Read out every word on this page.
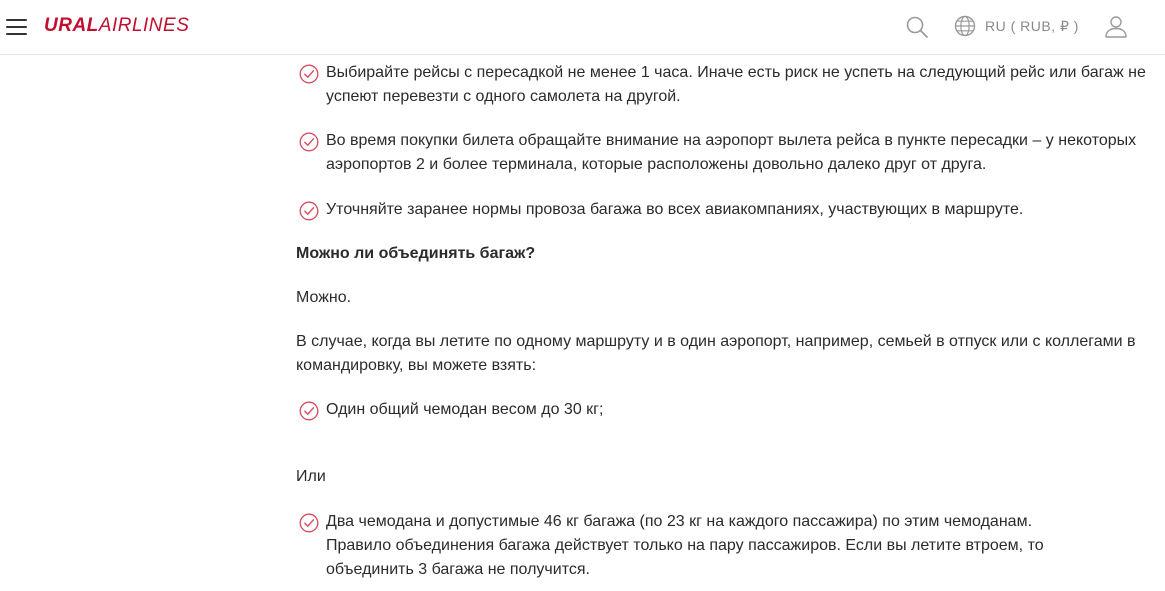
URALAIRLINES	RU ( RUB, ₽ )
Выбирайте рейсы с пересадкой не менее 1 часа. Иначе есть риск не успеть на следующий рейс или багаж не успеют перевезти с одного самолета на другой.
Во время покупки билета обращайте внимание на аэропорт вылета рейса в пункте пересадки – у некоторых аэропортов 2 и более терминала, которые расположены довольно далеко друг от друга.
Уточняйте заранее нормы провоза багажа во всех авиакомпаниях, участвующих в маршруте.
Можно ли объединять багаж?
Можно.
В случае, когда вы летите по одному маршруту и в один аэропорт, например, семьей в отпуск или с коллегами в командировку, вы можете взять:
Один общий чемодан весом до 30 кг;
Или
Два чемодана и допустимые 46 кг багажа (по 23 кг на каждого пассажира) по этим чемоданам. Правило объединения багажа действует только на пару пассажиров. Если вы летите втроем, то объединить 3 багажа не получится.
